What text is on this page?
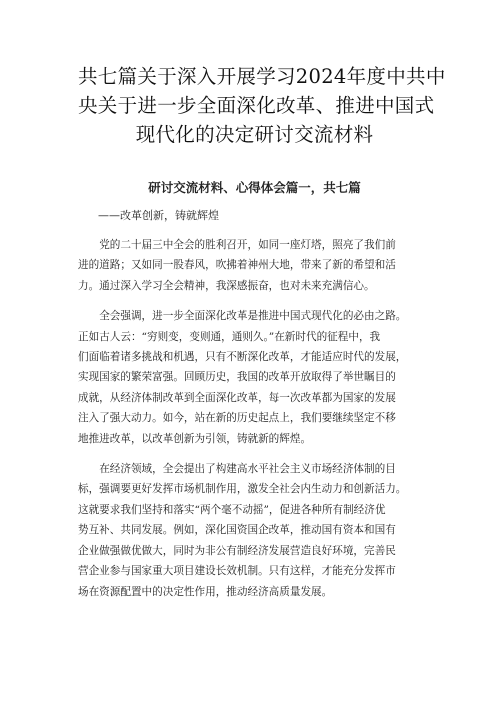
共七篇关于深入开展学习2024年度中共中
央关于进一步全面深化改革、推进中国式
现代化的决定研讨交流材料
研讨交流材料、心得体会篇一，共七篇
——改革创新，铸就辉煌

党的二十届三中全会的胜利召开，如同一座灯塔，照亮了我们前
进的道路；又如同一股春风，吹拂着神州大地，带来了新的希望和活
力。通过深入学习全会精神，我深感振奋，也对未来充满信心。

全会强调，进一步全面深化改革是推进中国式现代化的必由之路。
正如古人云：“穷则变，变则通，通则久。”在新时代的征程中，我
们面临着诸多挑战和机遇，只有不断深化改革，才能适应时代的发展，
实现国家的繁荣富强。回顾历史，我国的改革开放取得了举世瞩目的
成就，从经济体制改革到全面深化改革，每一次改革都为国家的发展
注入了强大动力。如今，站在新的历史起点上，我们要继续坚定不移
地推进改革，以改革创新为引领，铸就新的辉煌。

在经济领域，全会提出了构建高水平社会主义市场经济体制的目
标，强调要更好发挥市场机制作用，激发全社会内生动力和创新活力。
这就要求我们坚持和落实“两个毫不动摇”，促进各种所有制经济优
势互补、共同发展。例如，深化国资国企改革，推动国有资本和国有
企业做强做优做大，同时为非公有制经济发展营造良好环境，完善民
营企业参与国家重大项目建设长效机制。只有这样，才能充分发挥市
场在资源配置中的决定性作用，推动经济高质量发展。
